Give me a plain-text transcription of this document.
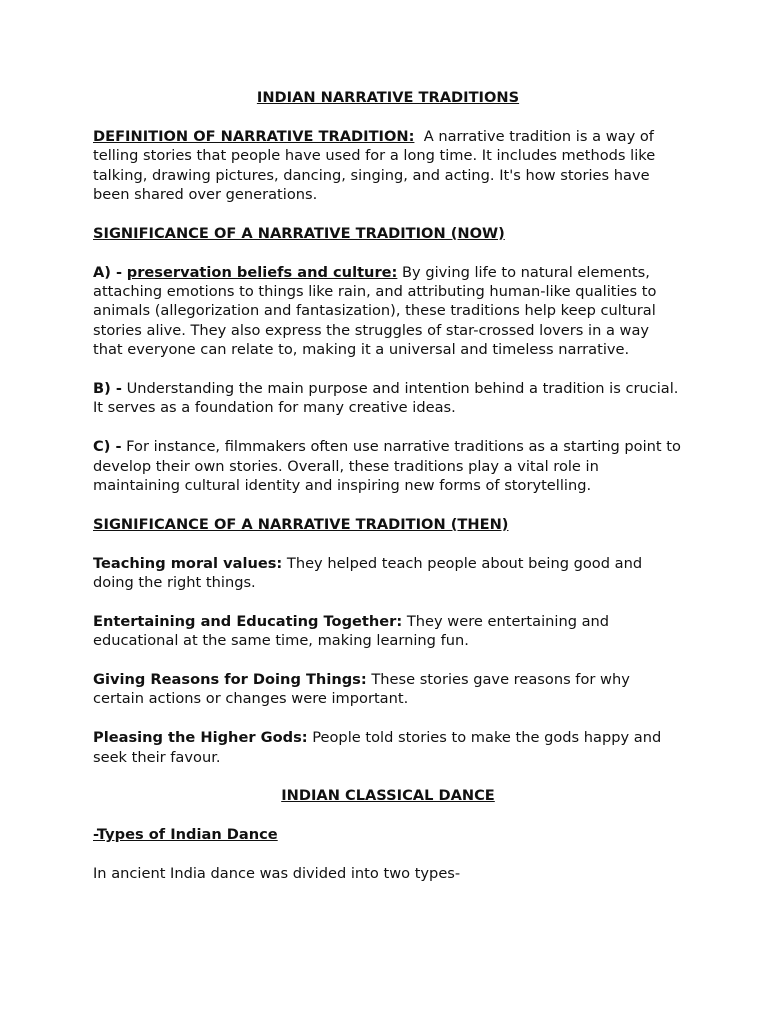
INDIAN NARRATIVE TRADITIONS

DEFINITION OF NARRATIVE TRADITION: A narrative tradition is a way of telling stories that people have used for a long time. It includes methods like talking, drawing pictures, dancing, singing, and acting. It's how stories have been shared over generations.

SIGNIFICANCE OF A NARRATIVE TRADITION (NOW)

A) - preservation beliefs and culture: By giving life to natural elements, attaching emotions to things like rain, and attributing human-like qualities to animals (allegorization and fantasization), these traditions help keep cultural stories alive. They also express the struggles of star-crossed lovers in a way that everyone can relate to, making it a universal and timeless narrative.

B) - Understanding the main purpose and intention behind a tradition is crucial. It serves as a foundation for many creative ideas.

C) - For instance, filmmakers often use narrative traditions as a starting point to develop their own stories. Overall, these traditions play a vital role in maintaining cultural identity and inspiring new forms of storytelling.

SIGNIFICANCE OF A NARRATIVE TRADITION (THEN)

Teaching moral values: They helped teach people about being good and doing the right things.

Entertaining and Educating Together: They were entertaining and educational at the same time, making learning fun.

Giving Reasons for Doing Things: These stories gave reasons for why certain actions or changes were important.

Pleasing the Higher Gods: People told stories to make the gods happy and seek their favour.

INDIAN CLASSICAL DANCE

-Types of Indian Dance

In ancient India dance was divided into two types-
